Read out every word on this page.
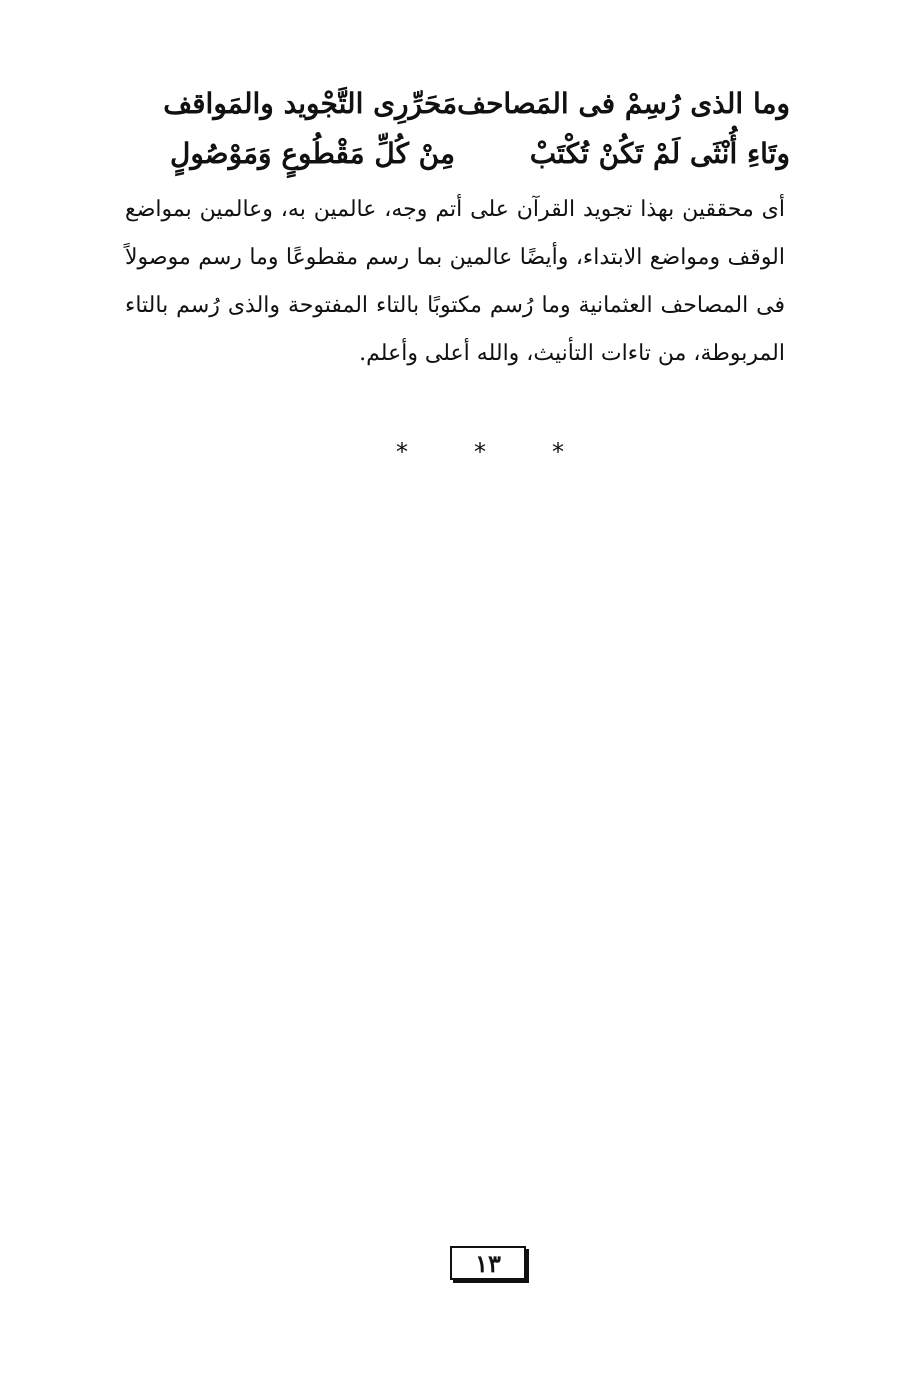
وما الذى رُسِمْ فى المَصاحف
مَحَرِّرِى التَّجْويد والمَواقف
وتَاءِ أُنْثَى لَمْ تَكُنْ تُكْتَبْ
مِنْ كُلِّ مَقْطُوعٍ وَمَوْصُولٍ
أى محققين بهذا تجويد القرآن على أتم وجه، عالمين به، وعالمين بمواضع الوقف ومواضع الابتداء، وأيضًا عالمين بما رسم مقطوعًا وما رسم موصولاً فى المصاحف العثمانية وما رُسم مكتوبًا بالتاء المفتوحة والذى رُسم بالتاء المربوطة، من تاءات التأنيث، والله أعلى وأعلم.
*	*	*
١٣
